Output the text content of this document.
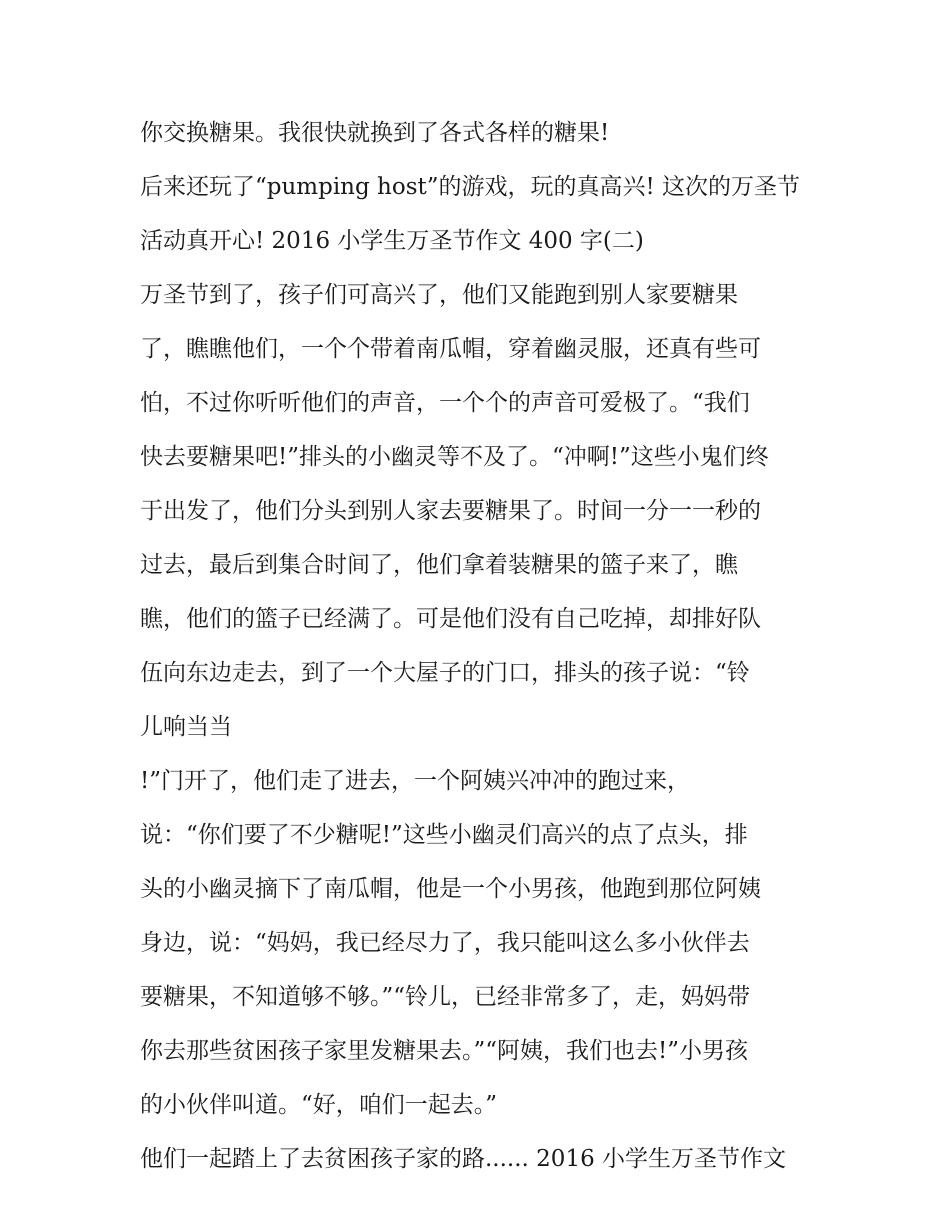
你交换糖果。我很快就换到了各式各样的糖果!
后来还玩了“pumping host”的游戏，玩的真高兴! 这次的万圣节
活动真开心! 2016 小学生万圣节作文 400 字(二)
万圣节到了，孩子们可高兴了，他们又能跑到别人家要糖果
了，瞧瞧他们，一个个带着南瓜帽，穿着幽灵服，还真有些可
怕，不过你听听他们的声音，一个个的声音可爱极了。“我们
快去要糖果吧!”排头的小幽灵等不及了。“冲啊!”这些小鬼们终
于出发了，他们分头到别人家去要糖果了。时间一分一一秒的
过去，最后到集合时间了，他们拿着装糖果的篮子来了，瞧
瞧，他们的篮子已经满了。可是他们没有自己吃掉，却排好队
伍向东边走去，到了一个大屋子的门口，排头的孩子说：“铃
儿响当当
!”门开了，他们走了进去，一个阿姨兴冲冲的跑过来，
说：“你们要了不少糖呢!”这些小幽灵们高兴的点了点头，排
头的小幽灵摘下了南瓜帽，他是一个小男孩，他跑到那位阿姨
身边，说：“妈妈，我已经尽力了，我只能叫这么多小伙伴去
要糖果，不知道够不够。”“铃儿，已经非常多了，走，妈妈带
你去那些贫困孩子家里发糖果去。”“阿姨，我们也去!”小男孩
的小伙伴叫道。“好，咱们一起去。”
他们一起踏上了去贫困孩子家的路...... 2016 小学生万圣节作文
